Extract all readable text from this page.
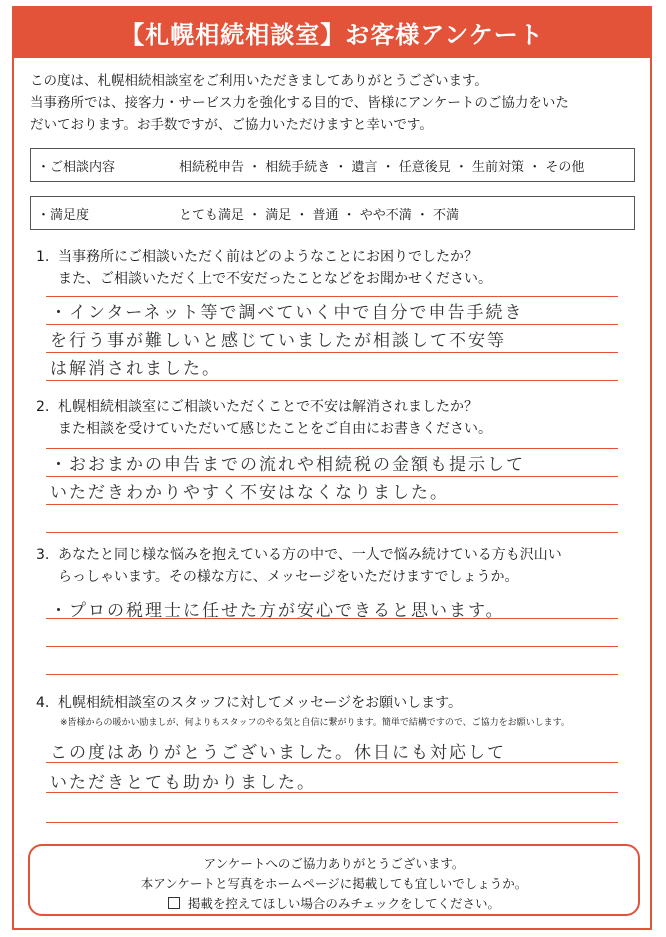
【札幌相続相談室】お客様アンケート
この度は、札幌相続相談室をご利用いただきましてありがとうございます。
当事務所では、接客力・サービス力を強化する目的で、皆様にアンケートのご協力をいた
だいております。お手数ですが、ご協力いただけますと幸いです。
・ご相談内容	相続税申告 ・ 相続手続き ・ 遺言 ・ 任意後見 ・ 生前対策 ・ その他
・満足度	とても満足 ・ 満足 ・ 普通 ・ やや不満 ・ 不満
1. 当事務所にご相談いただく前はどのようなことにお困りでしたか？
また、ご相談いただく上で不安だったことなどをお聞かせください。
・インターネット等で調べていく中で自分で申告手続き
を行う事が難しいと感じていましたが相談して不安等
は解消されました。
2. 札幌相続相談室にご相談いただくことで不安は解消されましたか？
また相談を受けていただいて感じたことをご自由にお書きください。
・おおまかの申告までの流れや相続税の金額も提示して
いただきわかりやすく不安はなくなりました。
3. あなたと同じ様な悩みを抱えている方の中で、一人で悩み続けている方も沢山い
らっしゃいます。その様な方に、メッセージをいただけますでしょうか。
・プロの税理士に任せた方が安心できると思います。
4. 札幌相続相談室のスタッフに対してメッセージをお願いします。
※皆様からの暖かい励ましが、何よりもスタッフのやる気と自信に繋がります。簡単で結構ですので、ご協力をお願いします。
この度はありがとうございました。休日にも対応して
いただきとても助かりました。
アンケートへのご協力ありがとうございます。
本アンケートと写真をホームページに掲載しても宜しいでしょうか。
掲載を控えてほしい場合のみチェックをしてください。
